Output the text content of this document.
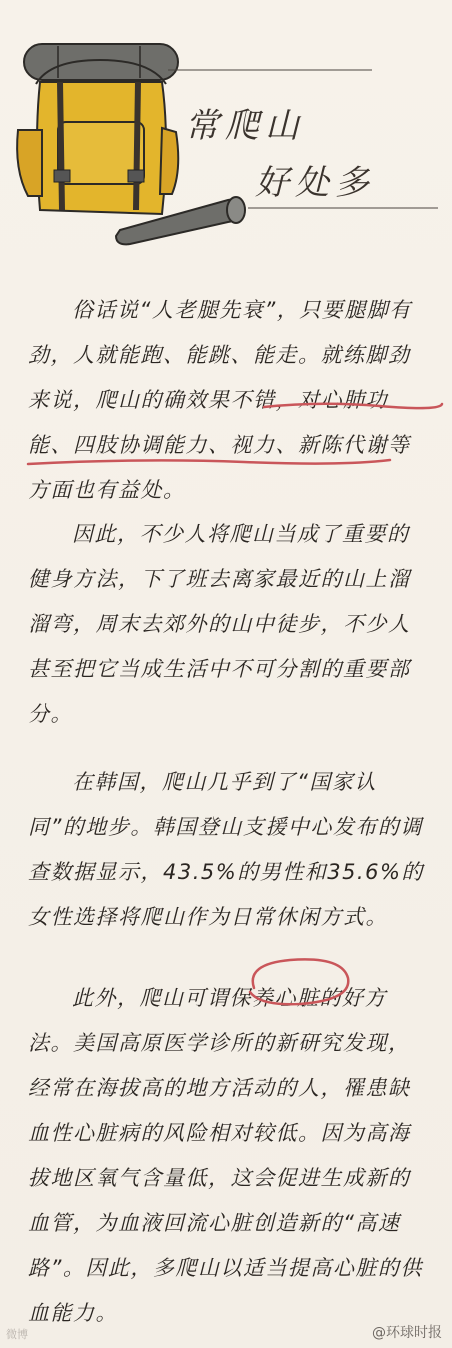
常爬山
好处多
俗话说“人老腿先衰”，只要腿脚有劲，人就能跑、能跳、能走。就练脚劲来说，爬山的确效果不错，对心肺功能、四肢协调能力、视力、新陈代谢等方面也有益处。
因此，不少人将爬山当成了重要的健身方法，下了班去离家最近的山上溜溜弯，周末去郊外的山中徒步，不少人甚至把它当成生活中不可分割的重要部分。
在韩国，爬山几乎到了“国家认同”的地步。韩国登山支援中心发布的调查数据显示，43.5%的男性和35.6%的女性选择将爬山作为日常休闲方式。
此外，爬山可谓保养心脏的好方法。美国高原医学诊所的新研究发现，经常在海拔高的地方活动的人，罹患缺血性心脏病的风险相对较低。因为高海拔地区氧气含量低，这会促进生成新的血管，为血液回流心脏创造新的“高速路”。因此，多爬山以适当提高心脏的供血能力。
微博	@环球时报
